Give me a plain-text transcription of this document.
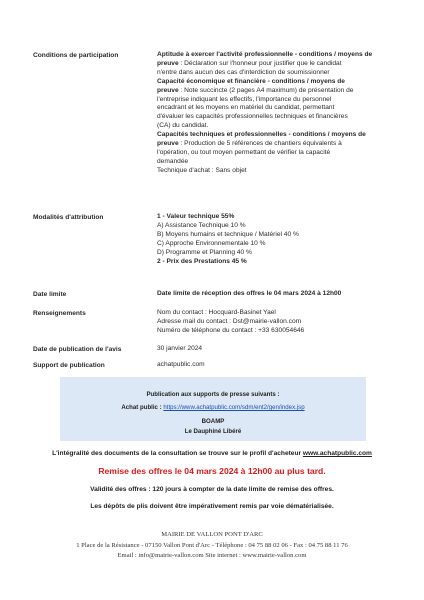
Conditions de participation	Aptitude à exercer l'activité professionnelle - conditions / moyens de
preuve : Déclaration sur l'honneur pour justifier que le candidat
n'entre dans aucun des cas d'interdiction de soumissionner
Capacité économique et financière - conditions / moyens de
preuve : Note succincte (2 pages A4 maximum) de présentation de
l'entreprise indiquant les effectifs, l'importance du personnel
encadrant et les moyens en matériel du candidat, permettant
d'évaluer les capacités professionnelles techniques et financières
(CA) du candidat.
Capacités techniques et professionnelles - conditions / moyens de
preuve : Production de 5 références de chantiers équivalents à
l'opération, ou tout moyen permettant de vérifier la capacité
demandée
Technique d'achat : Sans objet
Modalités d'attribution	1 - Valeur technique 55%
A) Assistance Technique 10 %
B) Moyens humains et technique / Matériel 40 %
C) Approche Environnementale 10 %
D) Programme et Planning 40 %
2 - Prix des Prestations 45 %
Date limite	Date limite de réception des offres le 04 mars 2024 à 12h00
Renseignements	Nom du contact : Hocquard-Basinet Yael
Adresse mail du contact : Dst@mairie-vallon.com
Numéro de téléphone du contact : +33 630054646
Date de publication de l'avis	30 janvier 2024
Support de publication	achatpublic.com
Publication aux supports de presse suivants :
Achat public : https://www.achatpublic.com/sdm/ent2/gen/index.jsp
BOAMP
Le Dauphiné Libéré
L'intégralité des documents de la consultation se trouve sur le profil d'acheteur www.achatpublic.com
Remise des offres le 04 mars 2024 à 12h00 au plus tard.
Validité des offres : 120 jours à compter de la date limite de remise des offres.
Les dépôts de plis doivent être impérativement remis par voie dématérialisée.
MAIRIE DE VALLON PONT D'ARC
1 Place de la Résistance - 07150 Vallon Pont d'Arc - Téléphone : 04 75 88 02 06 - Fax : 04 75 88 11 76
Email : info@mairie-vallon.com Site internet : www.mairie-vallon.com
